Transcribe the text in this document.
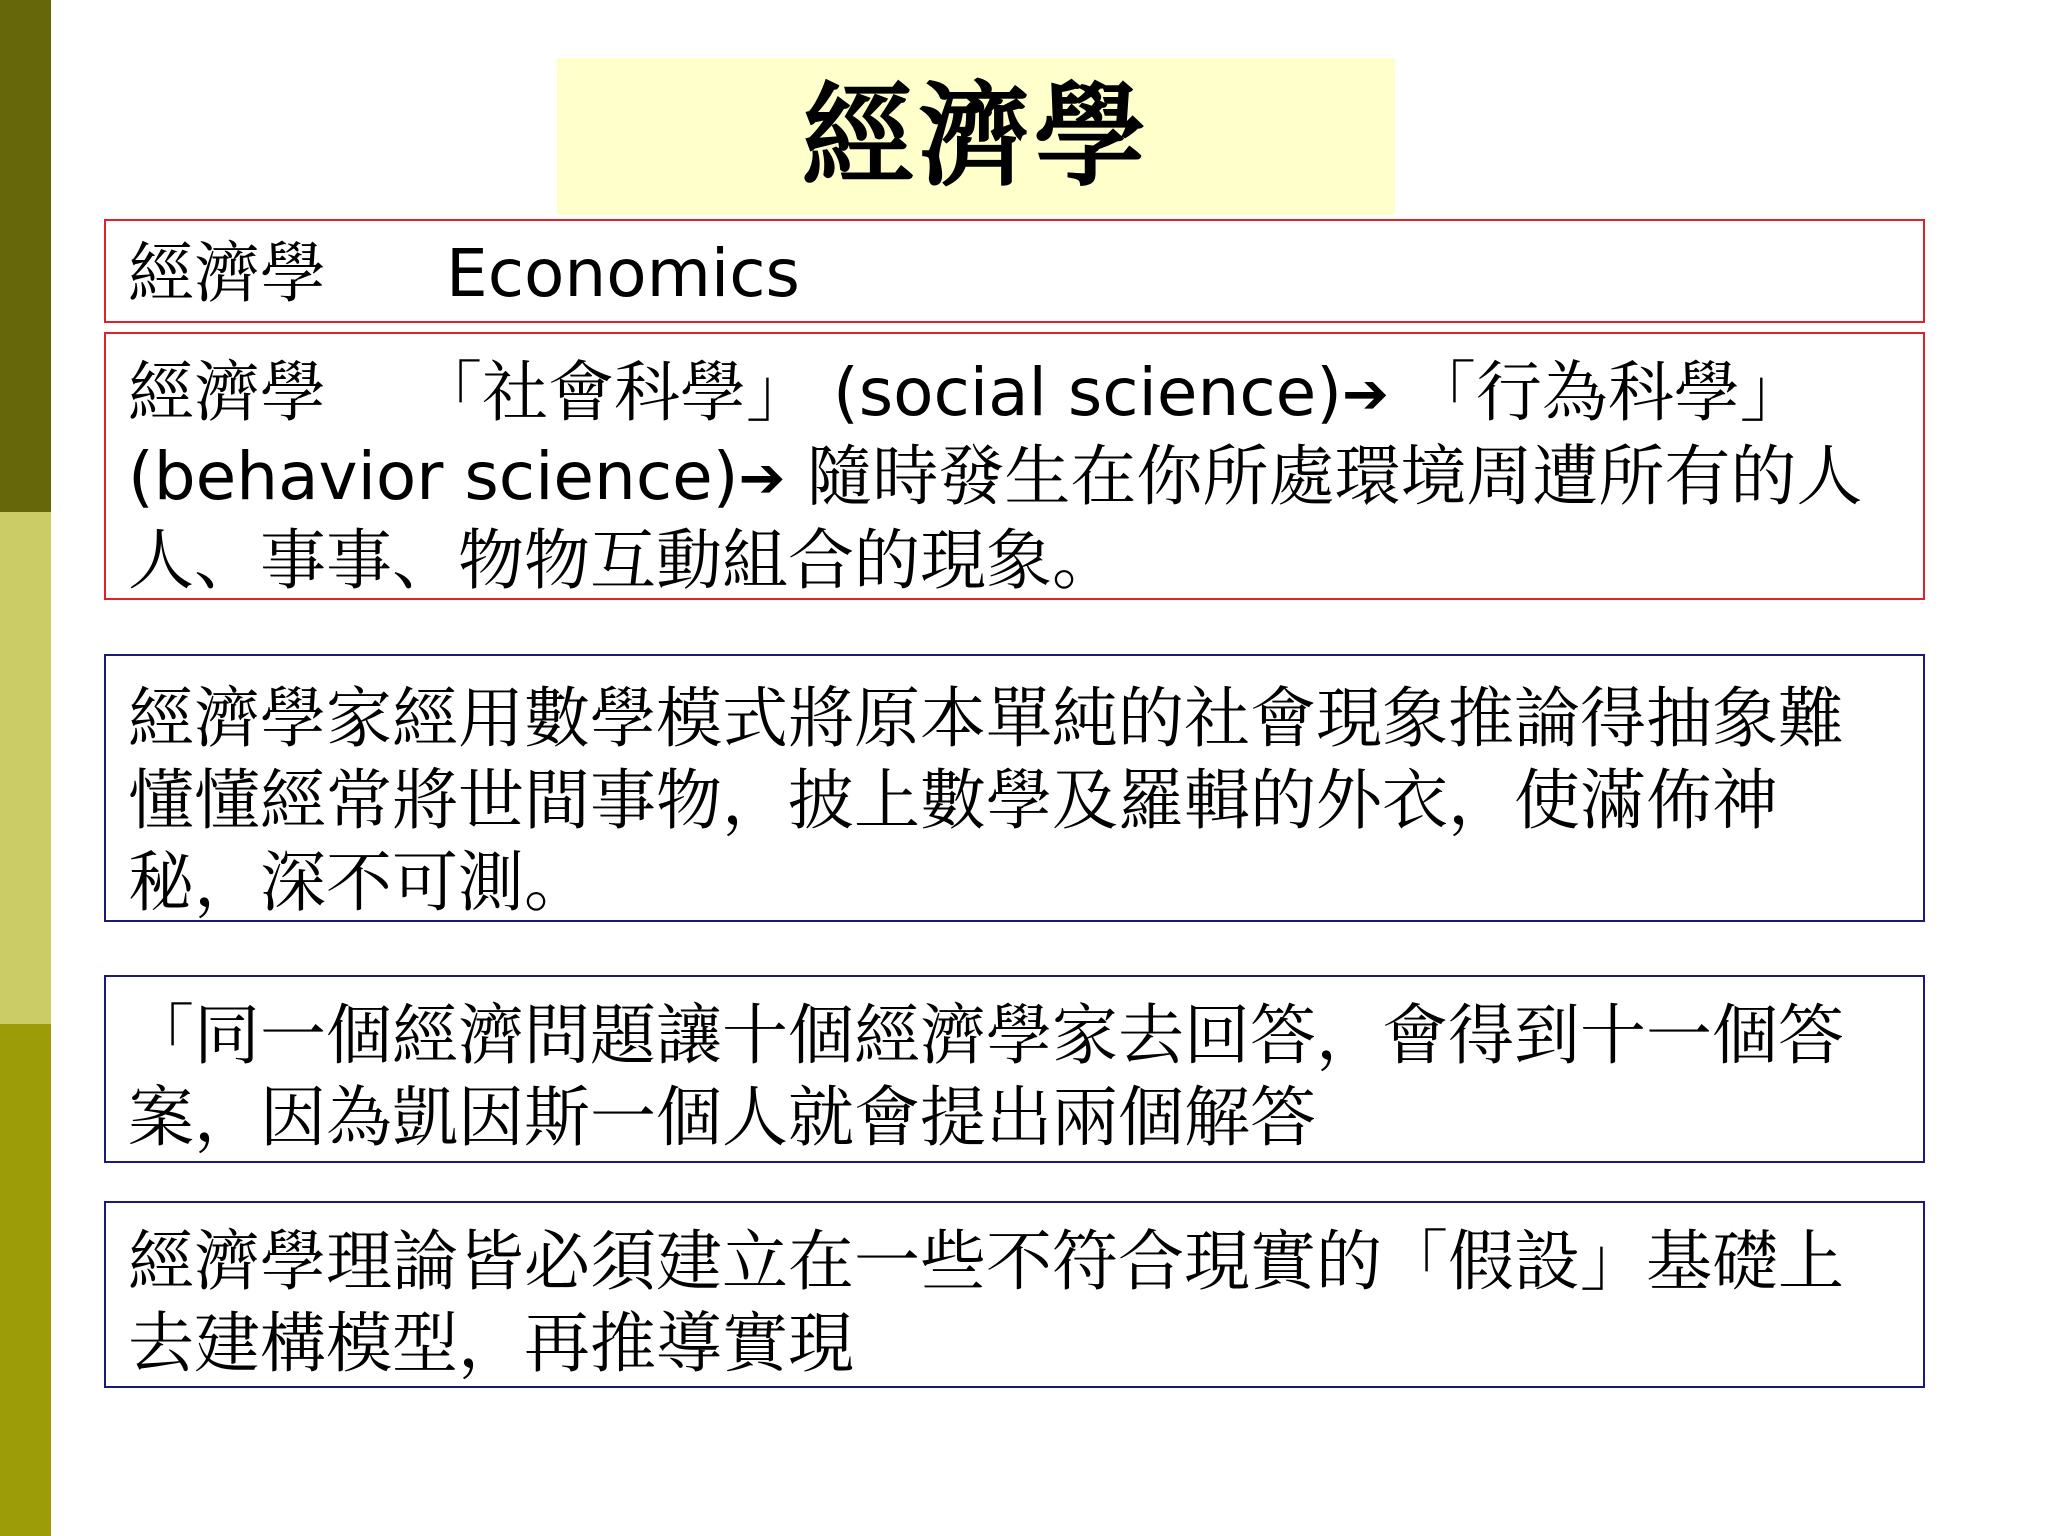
經濟學
經濟學 Economics
經濟學 「社會科學」 (social science)➔ 「行為科學」 (behavior science)➔ 隨時發生在你所處環境周遭所有的人人、事事、物物互動組合的現象。
經濟學家經用數學模式將原本單純的社會現象推論得抽象難懂懂經常將世間事物，披上數學及羅輯的外衣，使滿佈神秘，深不可測。
「同一個經濟問題讓十個經濟學家去回答，會得到十一個答案，因為凱因斯一個人就會提出兩個解答
經濟學理論皆必須建立在一些不符合現實的「假設」基礎上去建構模型，再推導實現
